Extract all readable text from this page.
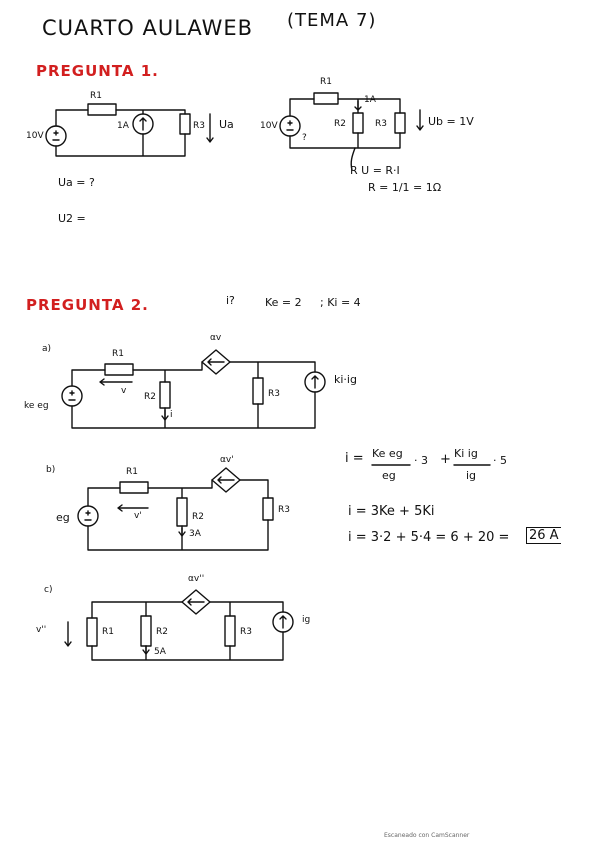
CUARTO AULAWEB (TEMA 7)
PREGUNTA 1.
R1
10V
1A	R3 Ua
R1
1A
10V
?
R2	R3	Ub = 1V
R U = R·I
R = 1/1 = 1Ω
Ua = ?
U2 =
PREGUNTA 2.	i?	Ke = 2 ; Ki = 4
a)	R1
αv
v
R2
i
R3
ke eg
ki·ig
b)	R1
αv'
v'	R2
3A
eg
R3
c)
αv''
v''	R1	R2
5A
R3
ig
i = Ke eg
· 3 + Ki ig
· 5
eg	ig
i = 3Ke + 5Ki
i = 3·2 + 5·4 = 6 + 20 = 26 A
Escaneado con CamScanner
